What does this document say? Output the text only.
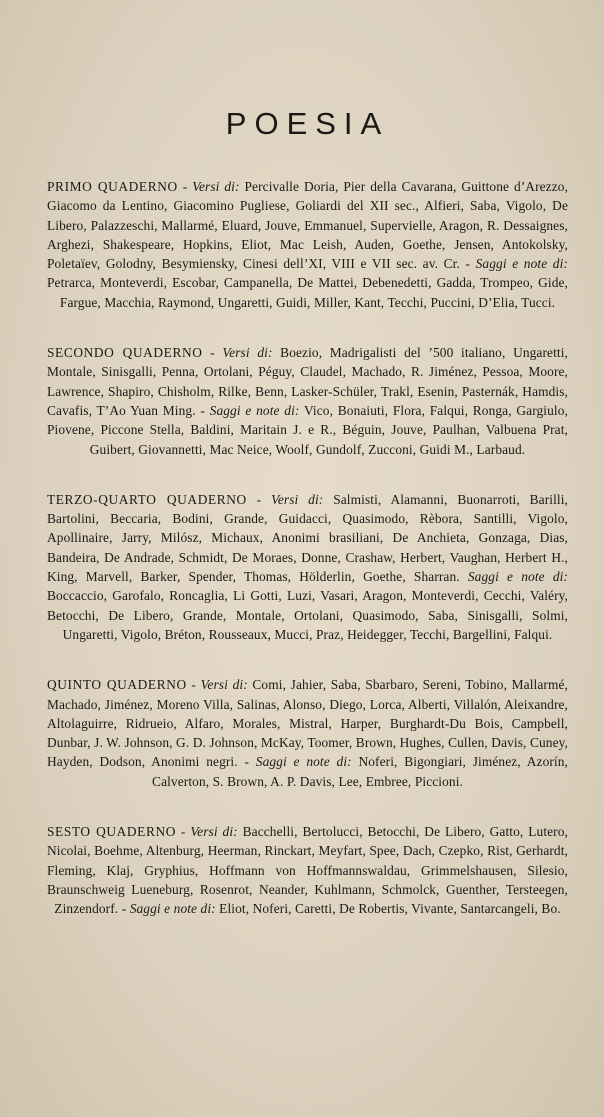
POESIA

PRIMO QUADERNO - Versi di: Percivalle Doria, Pier della Cavarana, Guittone d’Arezzo, Giacomo da Lentino, Giacomino Pugliese, Goliardi del XII sec., Alfieri, Saba, Vigolo, De Libero, Palazzeschi, Mallarmé, Eluard, Jouve, Emmanuel, Supervielle, Aragon, R. Dessaignes, Arghezi, Shakespeare, Hopkins, Eliot, Mac Leish, Auden, Goethe, Jensen, Antokolsky, Poletaïev, Golodny, Besymiensky, Cinesi dell’XI, VIII e VII sec. av. Cr. - Saggi e note di: Petrarca, Monteverdi, Escobar, Campanella, De Mattei, Debenedetti, Gadda, Trompeo, Gide, Fargue, Macchia, Raymond, Ungaretti, Guidi, Miller, Kant, Tecchi, Puccini, D’Elia, Tucci.

SECONDO QUADERNO - Versi di: Boezio, Madrigalisti del ’500 italiano, Ungaretti, Montale, Sinisgalli, Penna, Ortolani, Péguy, Claudel, Machado, R. Jiménez, Pessoa, Moore, Lawrence, Shapiro, Chisholm, Rilke, Benn, Lasker-Schüler, Trakl, Esenin, Pasternák, Hamdis, Cavafis, T’Ao Yuan Ming. - Saggi e note di: Vico, Bonaiuti, Flora, Falqui, Ronga, Gargiulo, Piovene, Piccone Stella, Baldini, Maritain J. e R., Béguin, Jouve, Paulhan, Valbuena Prat, Guibert, Giovannetti, Mac Neice, Woolf, Gundolf, Zucconi, Guidi M., Larbaud.

TERZO-QUARTO QUADERNO - Versi di: Salmisti, Alamanni, Buonarroti, Barilli, Bartolini, Beccaria, Bodini, Grande, Guidacci, Quasimodo, Rèbora, Santilli, Vigolo, Apollinaire, Jarry, Milósz, Michaux, Anonimi brasiliani, De Anchieta, Gonzaga, Dias, Bandeira, De Andrade, Schmidt, De Moraes, Donne, Crashaw, Herbert, Vaughan, Herbert H., King, Marvell, Barker, Spender, Thomas, Hölderlin, Goethe, Sharran. Saggi e note di: Boccaccio, Garofalo, Roncaglia, Li Gotti, Luzi, Vasari, Aragon, Monteverdi, Cecchi, Valéry, Betocchi, De Libero, Grande, Montale, Ortolani, Quasimodo, Saba, Sinisgalli, Solmi, Ungaretti, Vigolo, Bréton, Rousseaux, Mucci, Praz, Heidegger, Tecchi, Bargellini, Falqui.

QUINTO QUADERNO - Versi di: Comi, Jahier, Saba, Sbarbaro, Sereni, Tobino, Mallarmé, Machado, Jiménez, Moreno Villa, Salinas, Alonso, Diego, Lorca, Alberti, Villalón, Aleixandre, Altolaguirre, Ridrueio, Alfaro, Morales, Mistral, Harper, Burghardt-Du Bois, Campbell, Dunbar, J. W. Johnson, G. D. Johnson, McKay, Toomer, Brown, Hughes, Cullen, Davis, Cuney, Hayden, Dodson, Anonimi negri. - Saggi e note di: Noferi, Bigongiari, Jiménez, Azorín, Calverton, S. Brown, A. P. Davis, Lee, Embree, Piccioni.

SESTO QUADERNO - Versi di: Bacchelli, Bertolucci, Betocchi, De Libero, Gatto, Lutero, Nicolai, Boehme, Altenburg, Heerman, Rinckart, Meyfart, Spee, Dach, Czepko, Rist, Gerhardt, Fleming, Klaj, Gryphius, Hoffmann von Hoffmannswaldau, Grimmelshausen, Silesio, Braunschweig Lueneburg, Rosenrot, Neander, Kuhlmann, Schmolck, Guenther, Tersteegen, Zinzendorf. - Saggi e note di: Eliot, Noferi, Caretti, De Robertis, Vivante, Santarcangeli, Bo.
